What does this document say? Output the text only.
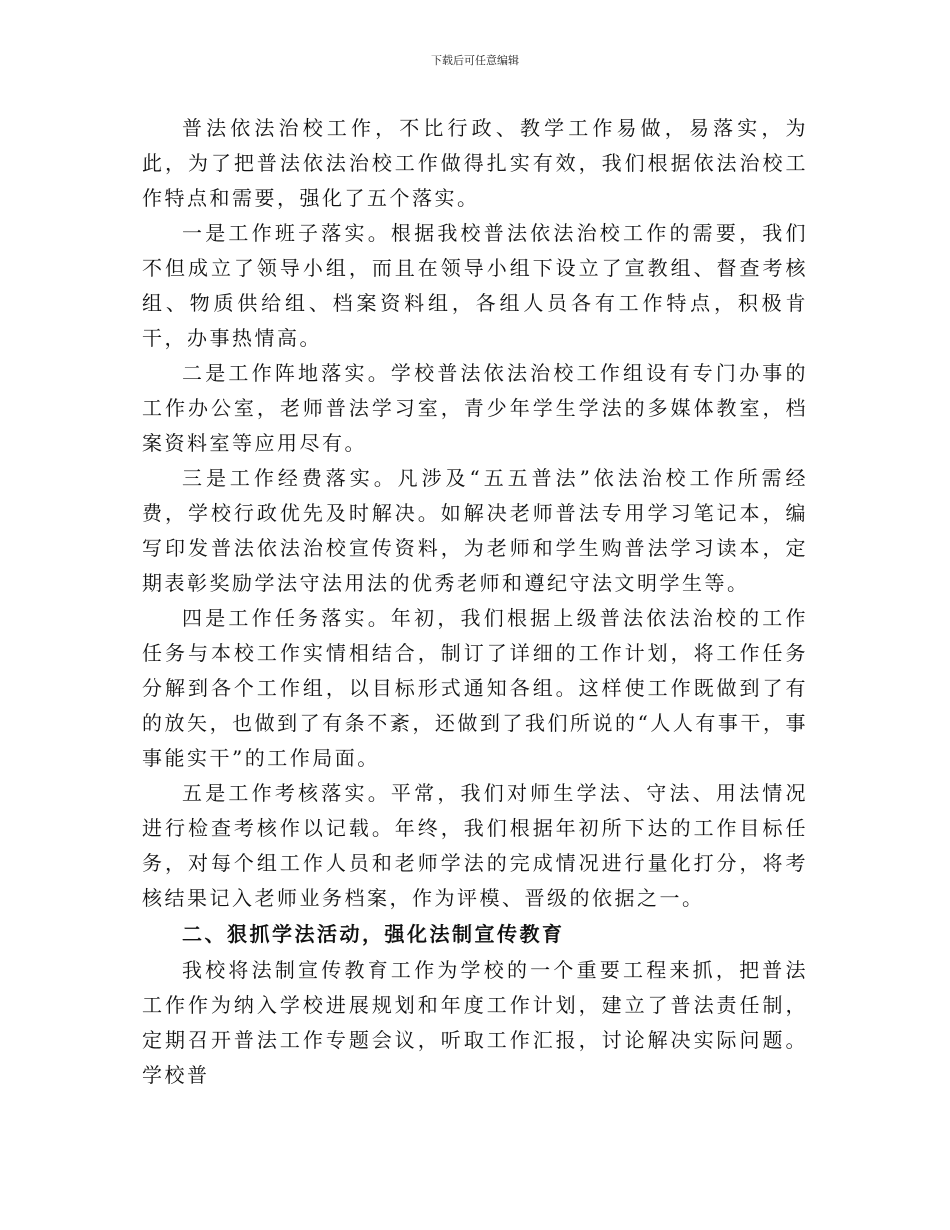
下载后可任意编辑

普法依法治校工作，不比行政、教学工作易做，易落实，为此，为了把普法依法治校工作做得扎实有效，我们根据依法治校工作特点和需要，强化了五个落实。

一是工作班子落实。根据我校普法依法治校工作的需要，我们不但成立了领导小组，而且在领导小组下设立了宣教组、督查考核组、物质供给组、档案资料组，各组人员各有工作特点，积极肯干，办事热情高。

二是工作阵地落实。学校普法依法治校工作组设有专门办事的工作办公室，老师普法学习室，青少年学生学法的多媒体教室，档案资料室等应用尽有。

三是工作经费落实。凡涉及“五五普法”依法治校工作所需经费，学校行政优先及时解决。如解决老师普法专用学习笔记本，编写印发普法依法治校宣传资料，为老师和学生购普法学习读本，定期表彰奖励学法守法用法的优秀老师和遵纪守法文明学生等。

四是工作任务落实。年初，我们根据上级普法依法治校的工作任务与本校工作实情相结合，制订了详细的工作计划，将工作任务分解到各个工作组，以目标形式通知各组。这样使工作既做到了有的放矢，也做到了有条不紊，还做到了我们所说的“人人有事干，事事能实干”的工作局面。

五是工作考核落实。平常，我们对师生学法、守法、用法情况进行检查考核作以记载。年终，我们根据年初所下达的工作目标任务，对每个组工作人员和老师学法的完成情况进行量化打分，将考核结果记入老师业务档案，作为评模、晋级的依据之一。

二、狠抓学法活动，强化法制宣传教育

我校将法制宣传教育工作为学校的一个重要工程来抓，把普法工作作为纳入学校进展规划和年度工作计划，建立了普法责任制，定期召开普法工作专题会议，听取工作汇报，讨论解决实际问题。学校普
